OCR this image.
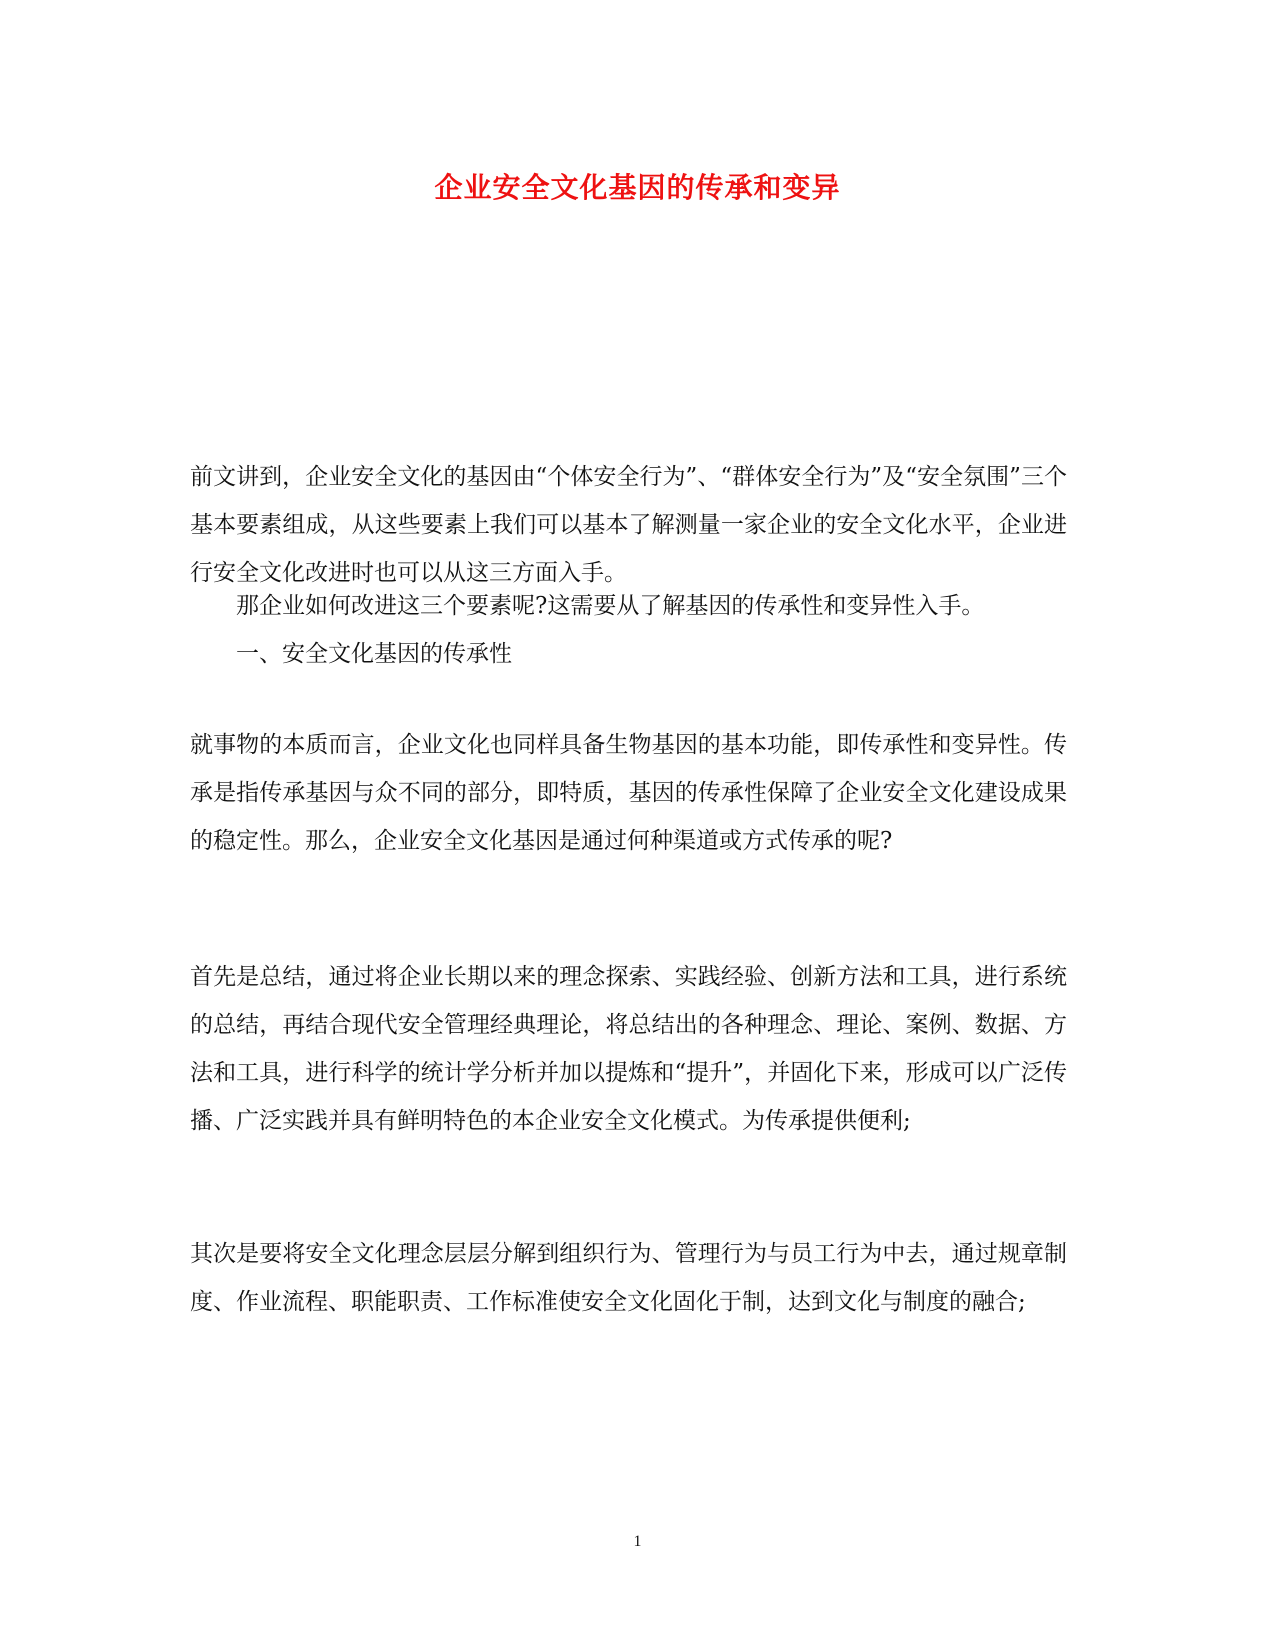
企业安全文化基因的传承和变异

前文讲到，企业安全文化的基因由“个体安全行为”、“群体安全行为”及“安全氛围”三个基本要素组成，从这些要素上我们可以基本了解测量一家企业的安全文化水平，企业进行安全文化改进时也可以从这三方面入手。

那企业如何改进这三个要素呢?这需要从了解基因的传承性和变异性入手。

一、安全文化基因的传承性

就事物的本质而言，企业文化也同样具备生物基因的基本功能，即传承性和变异性。传承是指传承基因与众不同的部分，即特质，基因的传承性保障了企业安全文化建设成果的稳定性。那么，企业安全文化基因是通过何种渠道或方式传承的呢?

首先是总结，通过将企业长期以来的理念探索、实践经验、创新方法和工具，进行系统的总结，再结合现代安全管理经典理论，将总结出的各种理念、理论、案例、数据、方法和工具，进行科学的统计学分析并加以提炼和“提升”，并固化下来，形成可以广泛传播、广泛实践并具有鲜明特色的本企业安全文化模式。为传承提供便利;

其次是要将安全文化理念层层分解到组织行为、管理行为与员工行为中去，通过规章制度、作业流程、职能职责、工作标准使安全文化固化于制，达到文化与制度的融合;

1
